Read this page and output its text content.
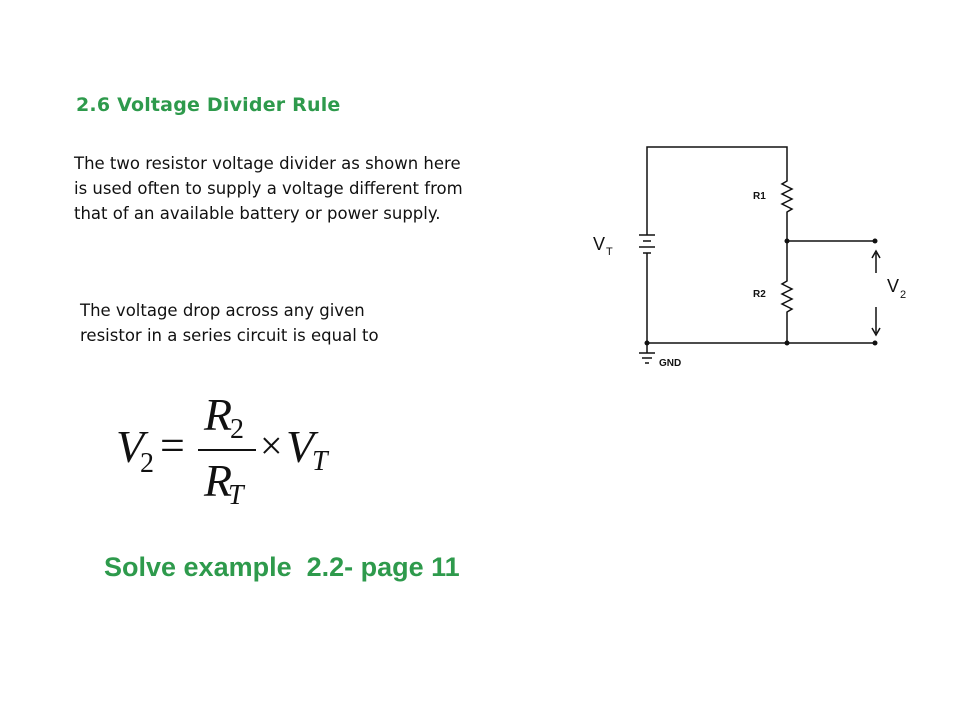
2.6 Voltage Divider Rule
The two resistor voltage divider as shown here
is used often to supply a voltage different from
that of an available battery or power supply.
The voltage drop across any given
resistor in a series circuit is equal to
V
2 =
R
2
R
T
× V
T
V T
R1
R2	V 2
GND
Solve example  2.2- page 11
